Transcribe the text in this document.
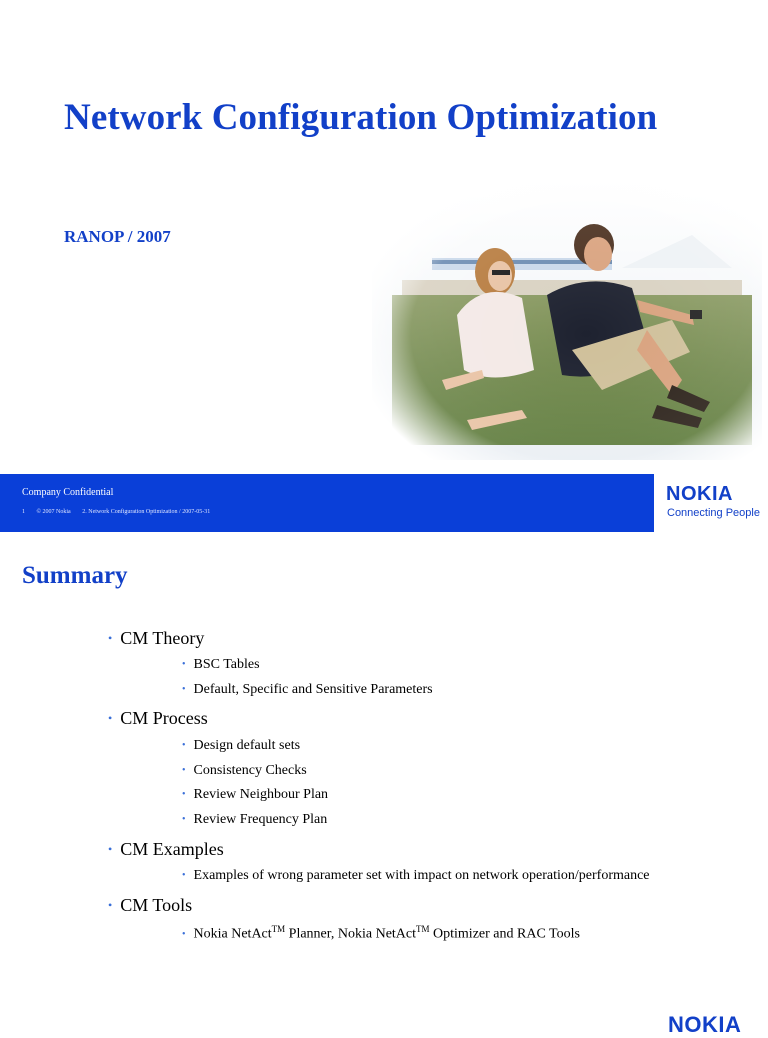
Network Configuration Optimization
RANOP / 2007
Company Confidential
1 © 2007 Nokia 2. Network Configuration Optimization / 2007-05-31
NOKIA
Connecting People
Summary
• CM Theory
• BSC Tables
• Default, Specific and Sensitive Parameters
• CM Process
• Design default sets
• Consistency Checks
• Review Neighbour Plan
• Review Frequency Plan
• CM Examples
• Examples of wrong parameter set with impact on network operation/performance
• CM Tools
• Nokia NetAct™ Planner, Nokia NetAct™ Optimizer and RAC Tools
NOKIA
